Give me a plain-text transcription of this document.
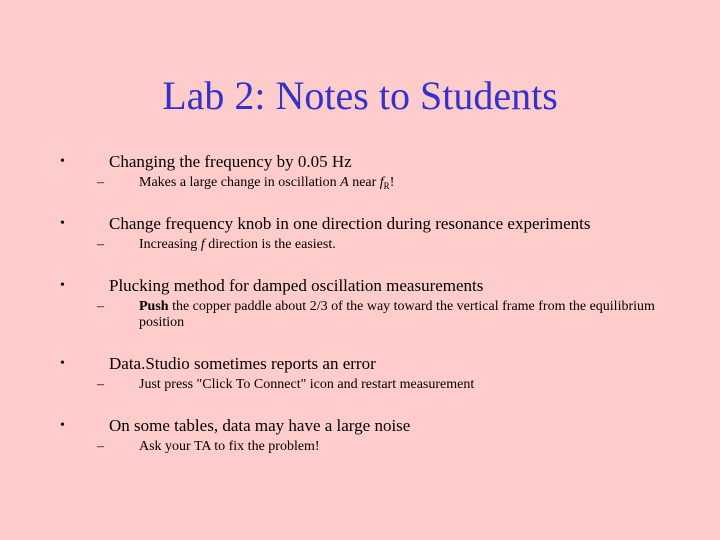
Lab 2: Notes to Students
•	Changing the frequency by 0.05 Hz
–	Makes a large change in oscillation A near $f_R$!
•	Change frequency knob in one direction during resonance experiments
–	Increasing f direction is the easiest.
•	Plucking method for damped oscillation measurements
–	Push the copper paddle about 2/3 of the way toward the vertical frame from the equilibrium position
•	Data.Studio sometimes reports an error
–	Just press "Click To Connect" icon and restart measurement
•	On some tables, data may have a large noise
–	Ask your TA to fix the problem!
